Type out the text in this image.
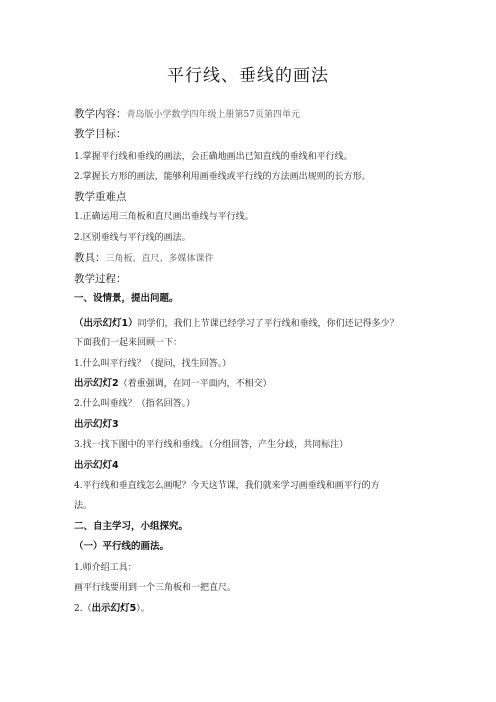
平行线、垂线的画法
教学内容：青岛版小学数学四年级上册第57页第四单元
教学目标：
1.掌握平行线和垂线的画法，会正确地画出已知直线的垂线和平行线。
2.掌握长方形的画法，能够利用画垂线或平行线的方法画出规则的长方形。
教学重难点
1.正确运用三角板和直尺画出垂线与平行线。
2.区别垂线与平行线的画法。
教具：三角板、直尺、多媒体课件
教学过程：
一、设情景，提出问题。
（出示幻灯1）同学们，我们上节课已经学习了平行线和垂线，你们还记得多少？
下面我们一起来回顾一下：
1.什么叫平行线？（提问，找生回答。）
出示幻灯2（着重强调，在同一平面内，不相交）
2.什么叫垂线？（指名回答。）
出示幻灯3
3.找一找下图中的平行线和垂线。（分组回答，产生分歧，共同标注）
出示幻灯4
4.平行线和垂直线怎么画呢？今天这节课，我们就来学习画垂线和画平行的方
法。
二、自主学习，小组探究。
（一）平行线的画法。
1.师介绍工具：
画平行线要用到一个三角板和一把直尺。
2.（出示幻灯5）。
